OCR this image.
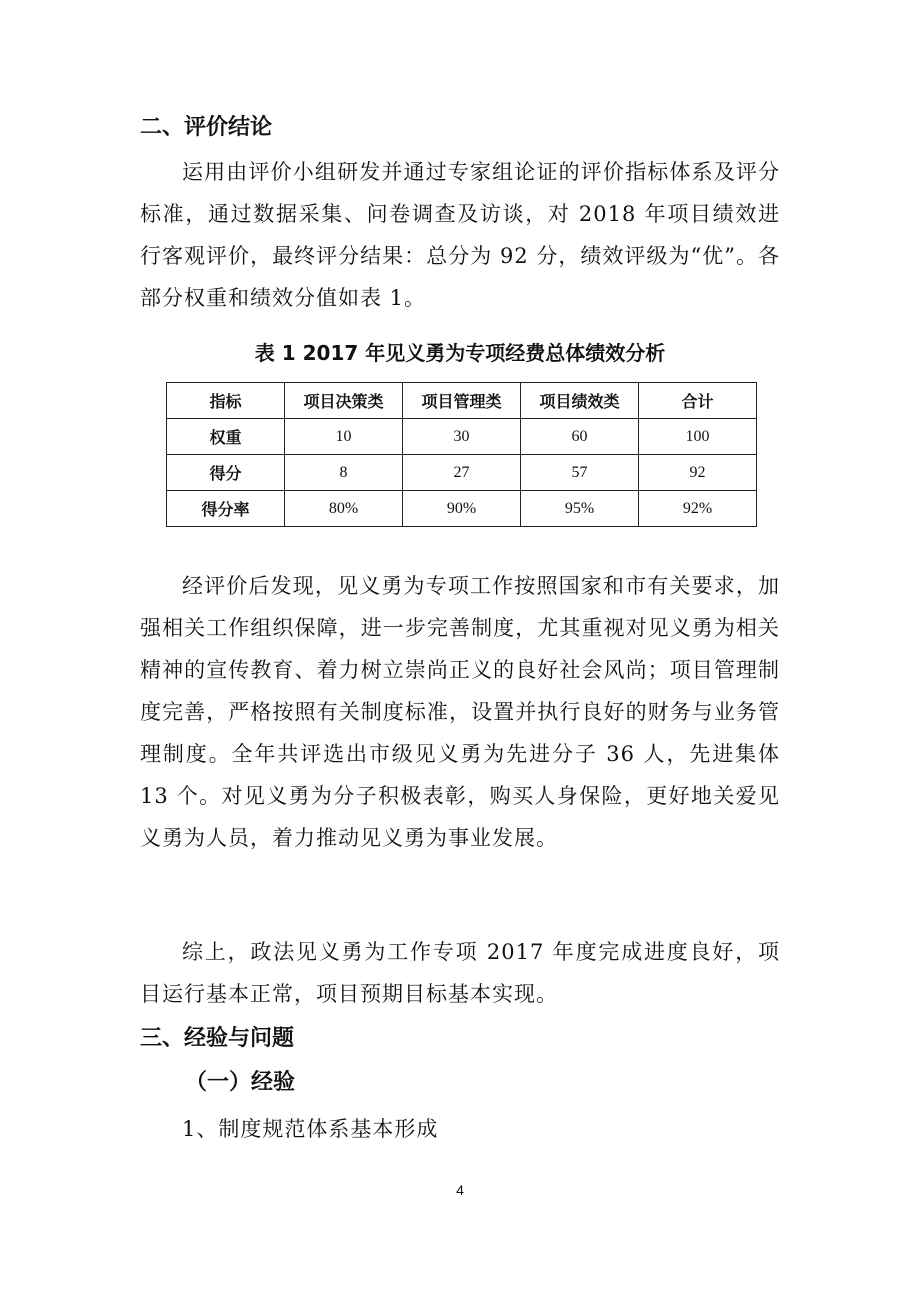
二、评价结论

运用由评价小组研发并通过专家组论证的评价指标体系及评分标准，通过数据采集、问卷调查及访谈，对 2018 年项目绩效进行客观评价，最终评分结果：总分为 92 分，绩效评级为“优”。各部分权重和绩效分值如表 1。

表 1 2017 年见义勇为专项经费总体绩效分析

指标	项目决策类	项目管理类	项目绩效类	合计
权重	10	30	60	100
得分	8	27	57	92
得分率	80%	90%	95%	92%

经评价后发现，见义勇为专项工作按照国家和市有关要求，加强相关工作组织保障，进一步完善制度，尤其重视对见义勇为相关精神的宣传教育、着力树立崇尚正义的良好社会风尚；项目管理制度完善，严格按照有关制度标准，设置并执行良好的财务与业务管理制度。全年共评选出市级见义勇为先进分子 36 人，先进集体 13 个。对见义勇为分子积极表彰，购买人身保险，更好地关爱见义勇为人员，着力推动见义勇为事业发展。

综上，政法见义勇为工作专项 2017 年度完成进度良好，项目运行基本正常，项目预期目标基本实现。

三、经验与问题
（一）经验

1、制度规范体系基本形成

4
